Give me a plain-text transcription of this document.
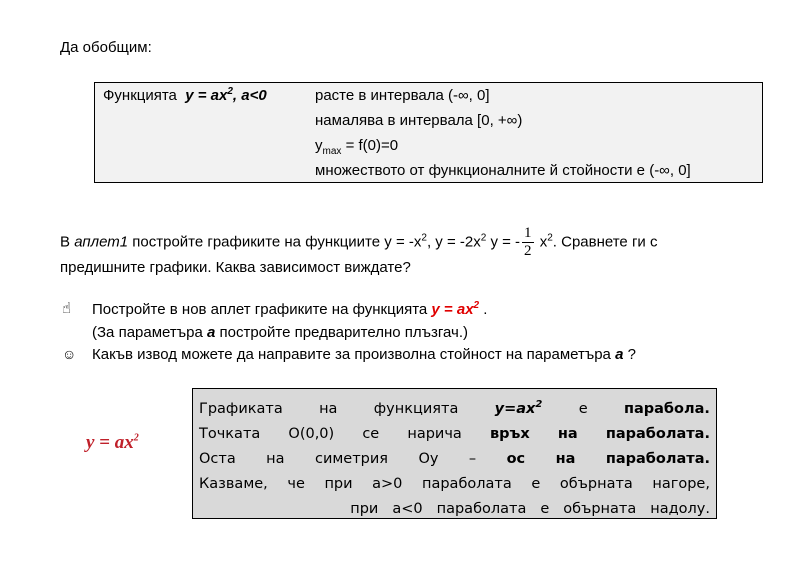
Да обобщим:
Функцията $y = ax^2$, a<0	расте в интервала (-∞, 0]
намалява в интервала [0, +∞)
$y_{max} = f(0)=0$
множеството от функционалните й стойности е (-∞, 0]
В аплет1 постройте графиките на функциите $y = -x^2$, $y = -2x^2$ y = - $\frac{1}{2} x^2$. Сравнете ги с
предишните графики. Каква зависимост виждате?
☝ Постройте в нов аплет графиките на функцията $y = ax^2$ .
(За параметъра a постройте предварително плъзгач.)
☺ Какъв извод можете да направите за произволна стойност на параметъра a ?
$y = ax^2$
Графиката	на	функцията	$y=ax^2$	е	парабола.
Точката O(0,0) се нарича връх на параболата.
Оста на симетрия Oy – ос на параболата.
Казваме, че при a>0 параболата е обърната нагоре,
при a<0 параболата е обърната надолу.
